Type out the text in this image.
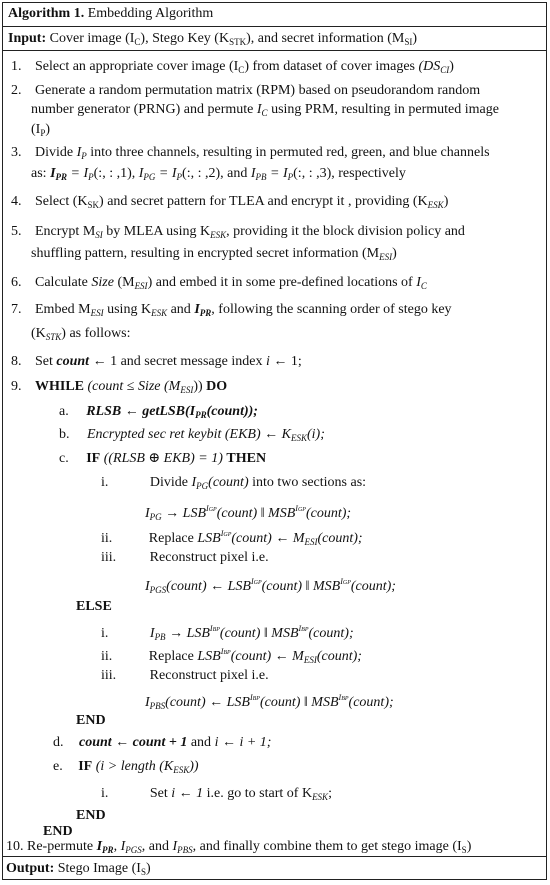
Algorithm 1. Embedding Algorithm
Input: Cover image $(I_C)$, Stego Key $(K_{STK})$, and secret information $(M_{SI})$
1. Select an appropriate cover image $(I_C)$ from dataset of cover images $(DS_{CI})$
2. Generate a random permutation matrix (RPM) based on pseudorandom random
number generator (PRNG) and permute $I_C$ using PRM, resulting in permuted image
$(I_P)$
3. Divide $I_P$ into three channels, resulting in permuted red, green, and blue channels
as: $I_{PR} = I_P$(:, : ,1), $I_{PG} = I_P$(:, : ,2), and $I_{PB} = I_P$(:, : ,3), respectively
4. Select $(K_{SK})$ and secret pattern for TLEA and encrypt it , providing $(K_{ESK})$
5. Encrypt $M_{SI}$ by MLEA using $K_{ESK}$, providing it the block division policy and
shuffling pattern, resulting in encrypted secret information $(M_{ESI})$
6. Calculate Size $(M_{ESI})$ and embed it in some pre-defined locations of $I_C$
7. Embed $M_{ESI}$ using $K_{ESK}$ and $I_{PR}$, following the scanning order of stego key
$(K_{STK})$ as follows:
8. Set count ← 1 and secret message index i ← 1;
9. WHILE (count ≤ Size $(M_{ESI})$) DO
a. RLSB ← $getLSB(I_{PR}(count))$;
b. Encrypted sec ret keybit (EKB) ← $K_{ESK}(i)$;
c. IF ((RLSB ⊕ EKB) = 1) THEN
i.	Divide $I_{PG}(count)$ into two sections as:
$I_{PG}$ → $LSB^{IGP}(count)$ ‖ $MSB^{IGP}(count)$;
ii.	Replace $LSB^{IGP}(count)$ ← $M_{ESI}(count)$;
iii. Reconstruct pixel i.e.
$I_{PGS}(count)$ ← $LSB^{IGP}(count)$ ‖ $MSB^{IGP}(count)$;
ELSE
i.	$I_{PB}$ → $LSB^{IBP}(count)$ ‖ $MSB^{IBP}(count)$;
ii.	Replace $LSB^{IBP}(count)$ ← $M_{ESI}(count)$;
iii. Reconstruct pixel i.e.
$I_{PBS}(count)$ ← $LSB^{IBP}(count)$ ‖ $MSB^{IBP}(count)$;
END
d. count ← count + 1 and i ← i + 1;
e. IF (i > length $(K_{ESK})$)
i.	Set i ← 1 i.e. go to start of $K_{ESK}$;
END
END
10. Re-permute $I_{PR}$, $I_{PGS}$, and $I_{PBS}$, and finally combine them to get stego image $(I_S)$
Output: Stego Image $(I_S)$
